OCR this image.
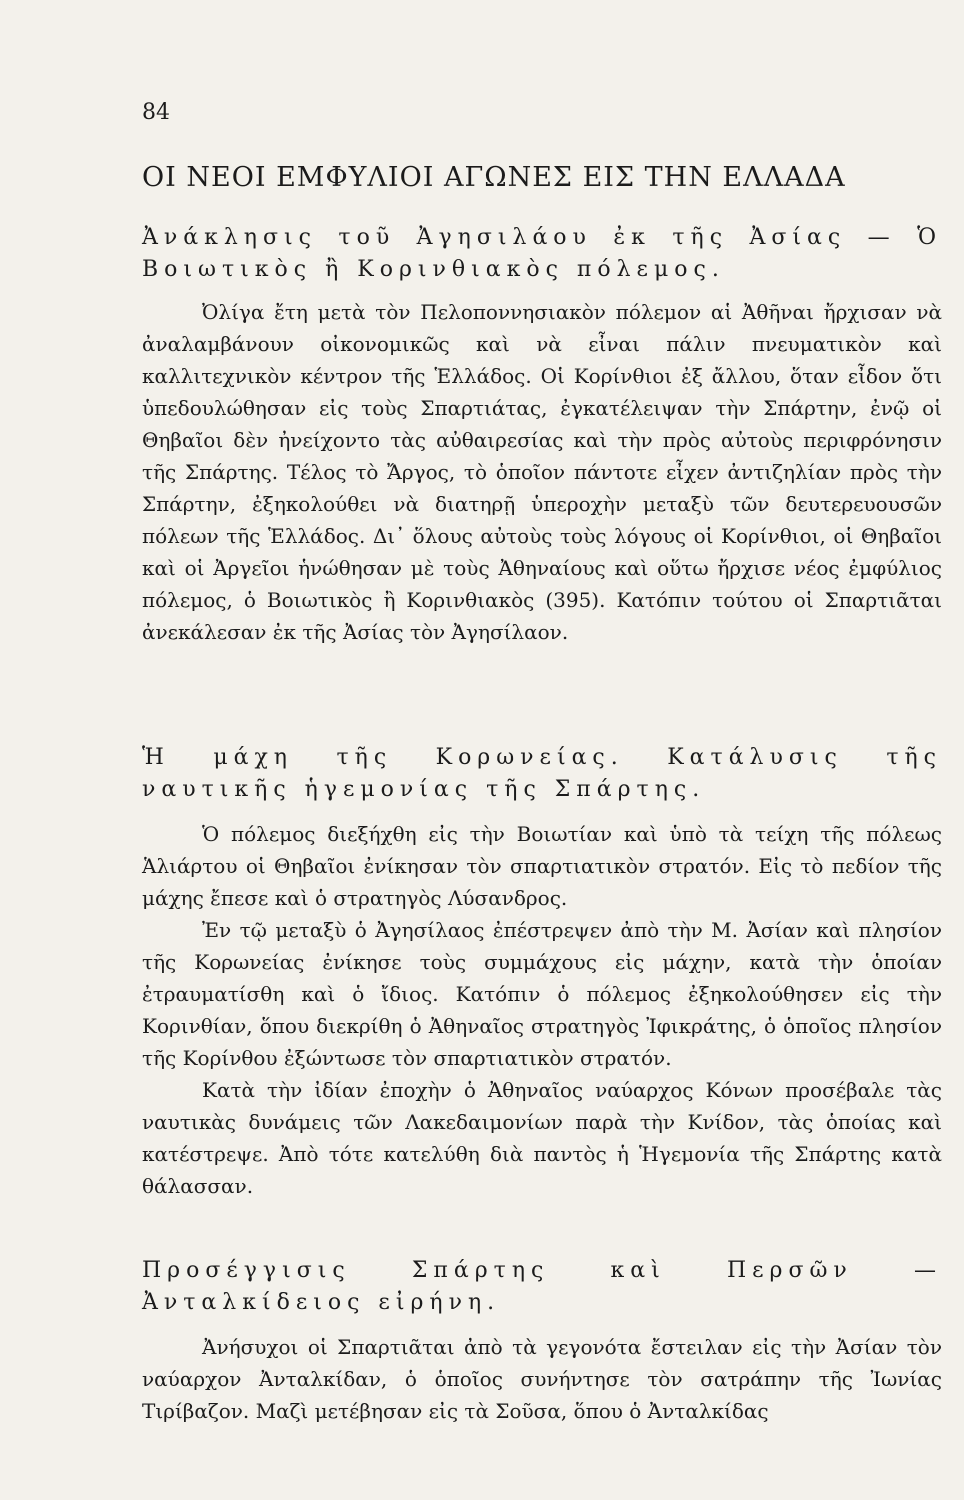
84
ΟΙ ΝΕΟΙ ΕΜΦΥΛΙΟΙ ΑΓΩΝΕΣ ΕΙΣ ΤΗΝ ΕΛΛΑΔΑ

Ἀνάκλησις τοῦ Ἀγησιλάου ἐκ τῆς Ἀσίας — Ὁ Βοιωτικὸς ἢ Κορινθιακὸς πόλεμος.

Ὀλίγα ἔτη μετὰ τὸν Πελοποννησιακὸν πόλεμον αἱ Ἀθῆναι ἤρχισαν νὰ ἀναλαμβάνουν οἰκονομικῶς καὶ νὰ εἶναι πάλιν πνευματικὸν καὶ καλλιτεχνικὸν κέντρον τῆς Ἑλλάδος. Οἱ Κορίνθιοι ἐξ ἄλλου, ὅταν εἶδον ὅτι ὑπεδουλώθησαν εἰς τοὺς Σπαρτιάτας, ἐγκατέλειψαν τὴν Σπάρτην, ἐνῷ οἱ Θηβαῖοι δὲν ἠνείχοντο τὰς αὐθαιρεσίας καὶ τὴν πρὸς αὐτοὺς περιφρόνησιν τῆς Σπάρτης. Τέλος τὸ Ἄργος, τὸ ὁποῖον πάντοτε εἶχεν ἀντιζηλίαν πρὸς τὴν Σπάρτην, ἐξηκολούθει νὰ διατηρῇ ὑπεροχὴν μεταξὺ τῶν δευτερευουσῶν πόλεων τῆς Ἑλλάδος. Δι᾿ ὅλους αὐτοὺς τοὺς λόγους οἱ Κορίνθιοι, οἱ Θηβαῖοι καὶ οἱ Ἀργεῖοι ἡνώθησαν μὲ τοὺς Ἀθηναίους καὶ οὕτω ἤρχισε νέος ἐμφύλιος πόλεμος, ὁ Βοιωτικὸς ἢ Κορινθιακὸς (395). Κατόπιν τούτου οἱ Σπαρτιᾶται ἀνεκάλεσαν ἐκ τῆς Ἀσίας τὸν Ἀγησίλαον.

Ἡ μάχη τῆς Κορωνείας. Κατάλυσις τῆς ναυτικῆς ἡγεμονίας τῆς Σπάρτης.

Ὁ πόλεμος διεξήχθη εἰς τὴν Βοιωτίαν καὶ ὑπὸ τὰ τείχη τῆς πόλεως Ἁλιάρτου οἱ Θηβαῖοι ἐνίκησαν τὸν σπαρτιατικὸν στρατόν. Εἰς τὸ πεδίον τῆς μάχης ἔπεσε καὶ ὁ στρατηγὸς Λύσανδρος.

Ἐν τῷ μεταξὺ ὁ Ἀγησίλαος ἐπέστρεψεν ἀπὸ τὴν Μ. Ἀσίαν καὶ πλησίον τῆς Κορωνείας ἐνίκησε τοὺς συμμάχους εἰς μάχην, κατὰ τὴν ὁποίαν ἐτραυματίσθη καὶ ὁ ἴδιος. Κατόπιν ὁ πόλεμος ἐξηκολούθησεν εἰς τὴν Κορινθίαν, ὅπου διεκρίθη ὁ Ἀθηναῖος στρατηγὸς Ἰφικράτης, ὁ ὁποῖος πλησίον τῆς Κορίνθου ἐξώντωσε τὸν σπαρτιατικὸν στρατόν.

Κατὰ τὴν ἰδίαν ἐποχὴν ὁ Ἀθηναῖος ναύαρχος Κόνων προσέβαλε τὰς ναυτικὰς δυνάμεις τῶν Λακεδαιμονίων παρὰ τὴν Κνίδον, τὰς ὁποίας καὶ κατέστρεψε. Ἀπὸ τότε κατελύθη διὰ παντὸς ἡ Ἡγεμονία τῆς Σπάρτης κατὰ θάλασσαν.

Προσέγγισις Σπάρτης καὶ Περσῶν — Ἀνταλκίδειος εἰρήνη.

Ἀνήσυχοι οἱ Σπαρτιᾶται ἀπὸ τὰ γεγονότα ἔστειλαν εἰς τὴν Ἀσίαν τὸν ναύαρχον Ἀνταλκίδαν, ὁ ὁποῖος συνήντησε τὸν σατράπην τῆς Ἰωνίας Τιρίβαζον. Μαζὶ μετέβησαν εἰς τὰ Σοῦσα, ὅπου ὁ Ἀνταλκίδας
